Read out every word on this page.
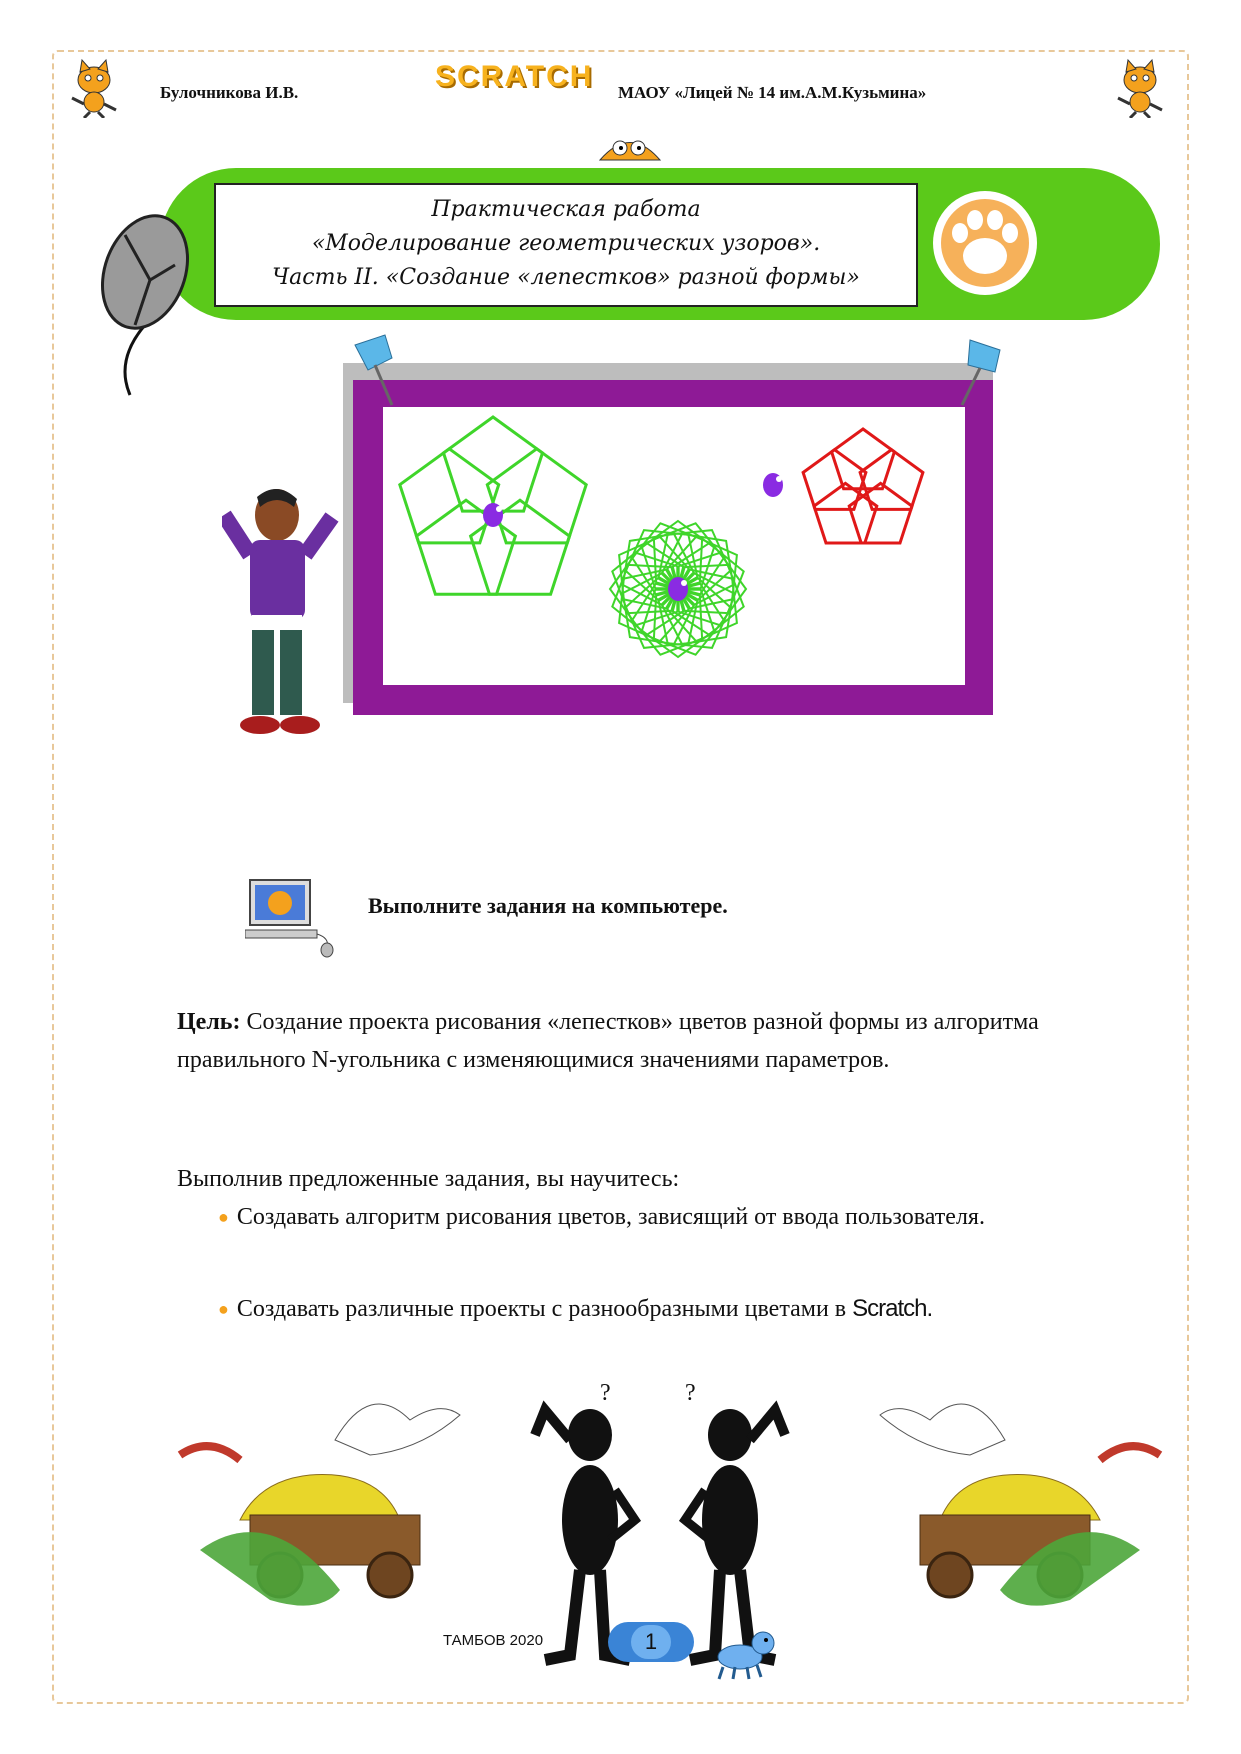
Булочникова И.В.	SCRATCH МАОУ «Лицей № 14 им.А.М.Кузьмина»
Практическая работа
«Моделирование геометрических узоров».
Часть II. «Создание «лепестков» разной формы»
Выполните задания на компьютере.
Цель: Создание проекта рисования «лепестков» цветов разной формы из алгоритма правильного N-угольника с изменяющимися значениями параметров.
Выполнив предложенные задания, вы научитесь:
● Создавать алгоритм рисования цветов, зависящий от ввода пользователя.
● Создавать различные проекты с разнообразными цветами в Scratch.
?	?
ТАМБОВ 2020	1
